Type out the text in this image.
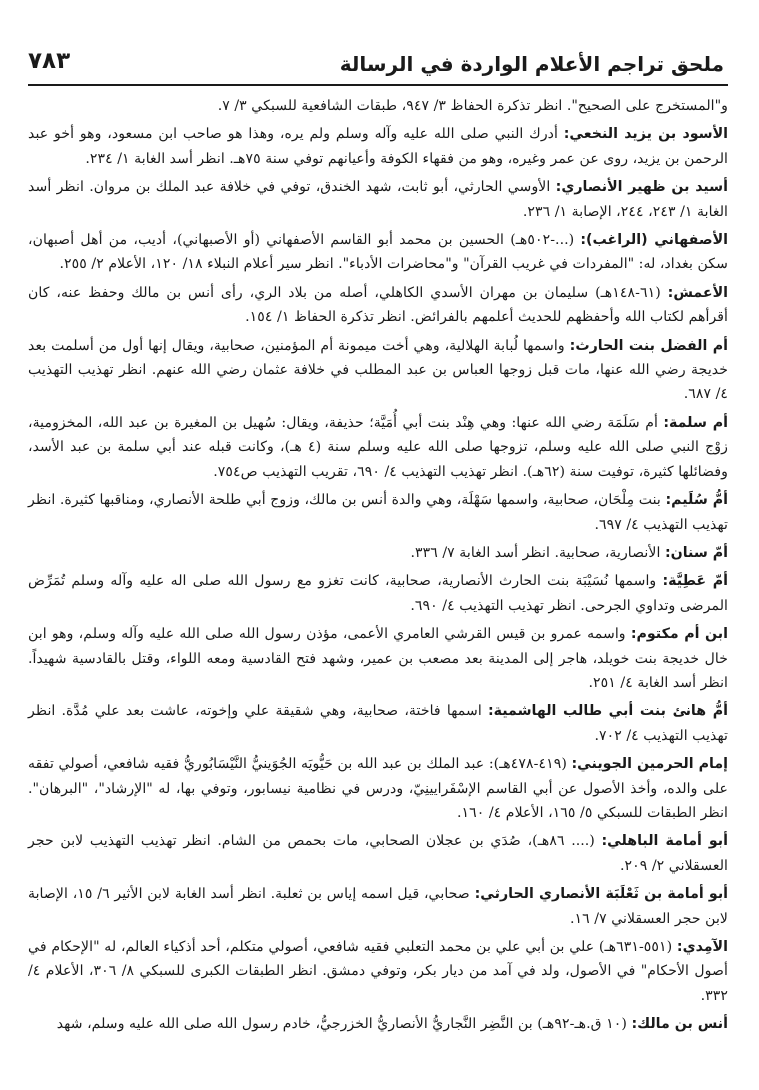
ملحق تراجم الأعلام الواردة في الرسالة
٧٨٣

و"المستخرج على الصحيح". انظر تذكرة الحفاظ ٣/ ٩٤٧، طبقات الشافعية للسبكي ٣/ ٧.

الأسود بن يزيد النخعي: أدرك النبي صلى الله عليه وآله وسلم ولم يره، وهذا هو صاحب ابن مسعود، وهو أخو عبد الرحمن بن يزيد، روى عن عمر وغيره، وهو من فقهاء الكوفة وأعيانهم توفي سنة ٧٥هـ. انظر أسد الغابة ١/ ٢٣٤.

أسيد بن ظهير الأنصاري: الأوسي الحارثي، أبو ثابت، شهد الخندق، توفي في خلافة عبد الملك بن مروان. انظر أسد الغابة ١/ ٢٤٣، ٢٤٤، الإصابة ١/ ٢٣٦.

الأصفهاني (الراغب): (...-٥٠٢هـ) الحسين بن محمد أبو القاسم الأصفهاني (أو الأصبهاني)، أديب، من أهل أصبهان، سكن بغداد، له: "المفردات في غريب القرآن" و"محاضرات الأدباء". انظر سير أعلام النبلاء ١٨/ ١٢٠، الأعلام ٢/ ٢٥٥.

الأعمش: (٦١-١٤٨هـ) سليمان بن مهران الأسدي الكاهلي، أصله من بلاد الري، رأى أنس بن مالك وحفظ عنه، كان أقرأهم لكتاب الله وأحفظهم للحديث أعلمهم بالفرائض. انظر تذكرة الحفاظ ١/ ١٥٤.

أم الفضل بنت الحارث: واسمها لُبابة الهلالية، وهي أخت ميمونة أم المؤمنين، صحابية، ويقال إنها أول من أسلمت بعد خديجة رضي الله عنها، مات قبل زوجها العباس بن عبد المطلب في خلافة عثمان رضي الله عنهم. انظر تهذيب التهذيب ٤/ ٦٨٧.

أم سلمة: أم سَلَمَة رضي الله عنها: وهي هِنْد بنت أبي أُمَيَّة؛ حذيفة، ويقال: سُهيل بن المغيرة بن عبد الله، المخزومية، زوْج النبي صلى الله عليه وسلم، تزوجها صلى الله عليه وسلم سنة (٤ هـ)، وكانت قبله عند أبي سلمة بن عبد الأسد، وفضائلها كثيرة، توفيت سنة (٦٢هـ). انظر تهذيب التهذيب ٤/ ٦٩٠، تقريب التهذيب ص٧٥٤.

أمُّ سُلَيم: بنت مِلْحَان، صحابية، واسمها سَهْلَة، وهي والدة أنس بن مالك، وزوج أبي طلحة الأنصاري، ومناقبها كثيرة. انظر تهذيب التهذيب ٤/ ٦٩٧.

أمّ سنان: الأنصارية، صحابية. انظر أسد الغابة ٧/ ٣٣٦.

أمّ عَطِيَّة: واسمها نُسَيْبَة بنت الحارث الأنصارية، صحابية، كانت تغزو مع رسول الله صلى اله عليه وآله وسلم تُمَرِّض المرضى وتداوي الجرحى. انظر تهذيب التهذيب ٤/ ٦٩٠.

ابن أم مكتوم: واسمه عمرو بن قيس القرشي العامري الأعمى، مؤذن رسول الله صلى الله عليه وآله وسلم، وهو ابن خال خديجة بنت خويلد، هاجر إلى المدينة بعد مصعب بن عمير، وشهد فتح القادسية ومعه اللواء، وقتل بالقادسية شهيداً. انظر أسد الغابة ٤/ ٢٥١.

أمُّ هانئ بنت أبي طالب الهاشمية: اسمها فاختة، صحابية، وهي شقيقة علي وإخوته، عاشت بعد علي مُدَّة. انظر تهذيب التهذيب ٤/ ٧٠٢.

إمام الحرمين الجويني: (٤١٩-٤٧٨هـ): عبد الملك بن عبد الله بن حَيُّويَه الجُوَينيُّ النَّيْسَابُوريُّ فقيه شافعي، أصولي تفقه على والده، وأخذ الأصول عن أبي القاسم الإسْفَرايينِيّ، ودرس في نظامية نيسابور، وتوفي بها، له "الإرشاد"، "البرهان". انظر الطبقات للسبكي ٥/ ١٦٥، الأعلام ٤/ ١٦٠.

أبو أمامة الباهلي: (.... ٨٦هـ)، صُدَي بن عجلان الصحابي، مات بحمص من الشام. انظر تهذيب التهذيب لابن حجر العسقلاني ٢/ ٢٠٩.

أبو أمامة بن ثَعْلَبَة الأنصاري الحارثي: صحابي، قيل اسمه إياس بن ثعلبة. انظر أسد الغابة لابن الأثير ٦/ ١٥، الإصابة لابن حجر العسقلاني ٧/ ١٦.

الآمِدي: (٥٥١-٦٣١هـ) علي بن أبي علي بن محمد التعلبي فقيه شافعي، أصولي متكلم، أحد أذكياء العالم، له "الإحكام في أصول الأحكام" في الأصول، ولد في آمد من ديار بكر، وتوفي دمشق. انظر الطبقات الكبرى للسبكي ٨/ ٣٠٦، الأعلام ٤/ ٣٣٢.

أنس بن مالك: (١٠ ق.هـ-٩٢هـ) بن النَّضِر النَّجاريُّ الأنصاريُّ الخزرجيُّ، خادم رسول الله صلى الله عليه وسلم، شهد
